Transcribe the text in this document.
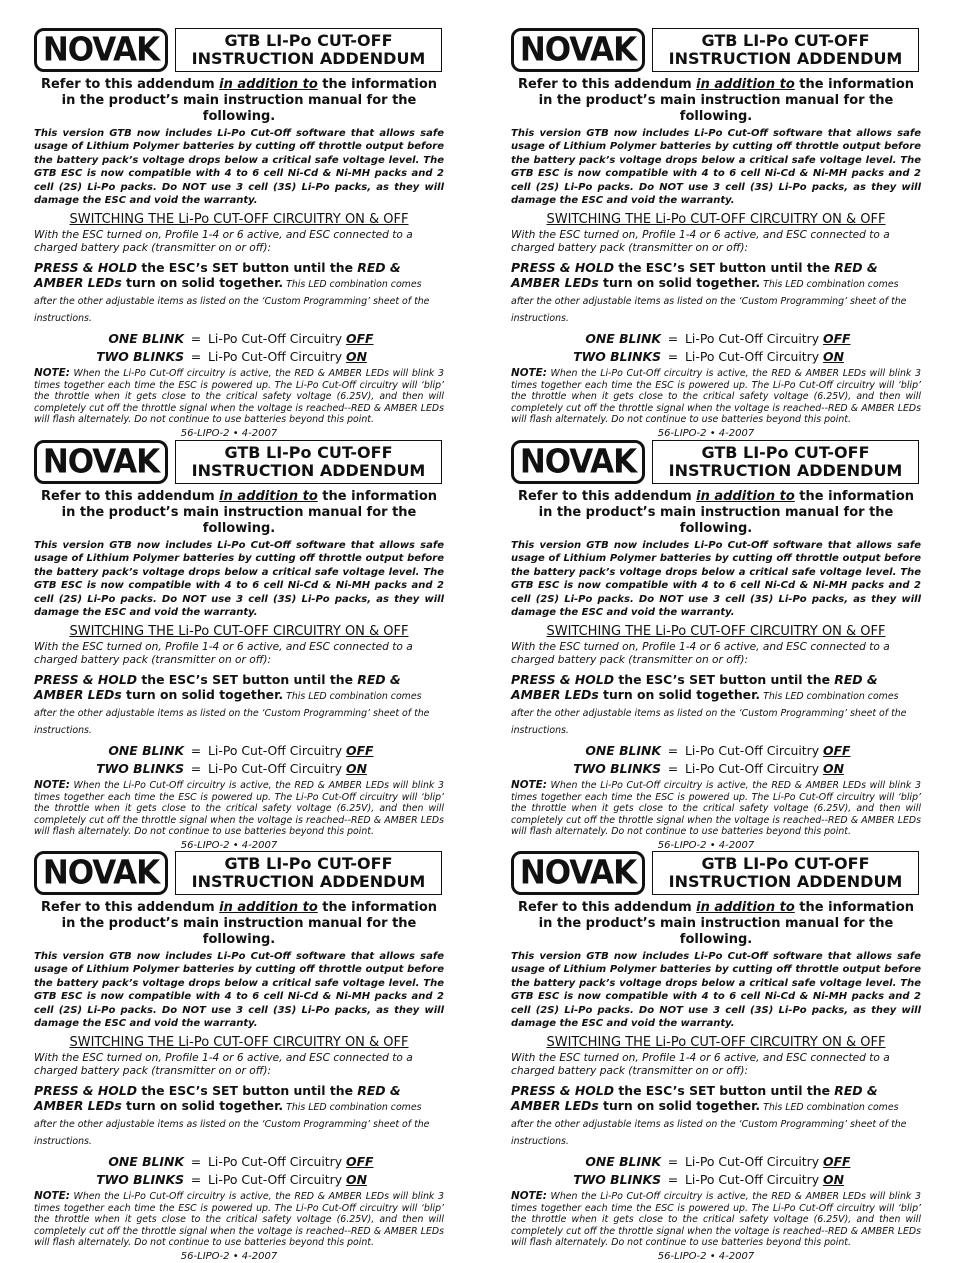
NOVAK	GTB LI-Po CUT-OFF
INSTRUCTION ADDENDUM
Refer to this addendum in addition to the information in the product’s main instruction manual for the following.
This version GTB now includes Li-Po Cut-Off software that allows safe usage of Lithium Polymer batteries by cutting off throttle output before the battery pack’s voltage drops below a critical safe voltage level. The GTB ESC is now compatible with 4 to 6 cell Ni-Cd & Ni-MH packs and 2 cell (2S) Li-Po packs. Do NOT use 3 cell (3S) Li-Po packs, as they will damage the ESC and void the warranty.
SWITCHING THE Li-Po CUT-OFF CIRCUITRY ON & OFF
With the ESC turned on, Profile 1-4 or 6 active, and ESC connected to a charged battery pack (transmitter on or off):
PRESS & HOLD the ESC’s SET button until the RED & AMBER LEDs turn on solid together. This LED combination comes after the other adjustable items as listed on the ‘Custom Programming’ sheet of the instructions.
ONE BLINK = Li-Po Cut-Off Circuitry OFF
TWO BLINKS = Li-Po Cut-Off Circuitry ON
NOTE: When the Li-Po Cut-Off circuitry is active, the RED & AMBER LEDs will blink 3 times together each time the ESC is powered up. The Li-Po Cut-Off circuitry will ‘blip’ the throttle when it gets close to the critical safety voltage (6.25V), and then will completely cut off the throttle signal when the voltage is reached--RED & AMBER LEDs will flash alternately. Do not continue to use batteries beyond this point.
56-LIPO-2 • 4-2007
NOVAK	GTB LI-Po CUT-OFF
INSTRUCTION ADDENDUM
Refer to this addendum in addition to the information in the product’s main instruction manual for the following.
This version GTB now includes Li-Po Cut-Off software that allows safe usage of Lithium Polymer batteries by cutting off throttle output before the battery pack’s voltage drops below a critical safe voltage level. The GTB ESC is now compatible with 4 to 6 cell Ni-Cd & Ni-MH packs and 2 cell (2S) Li-Po packs. Do NOT use 3 cell (3S) Li-Po packs, as they will damage the ESC and void the warranty.
SWITCHING THE Li-Po CUT-OFF CIRCUITRY ON & OFF
With the ESC turned on, Profile 1-4 or 6 active, and ESC connected to a charged battery pack (transmitter on or off):
PRESS & HOLD the ESC’s SET button until the RED & AMBER LEDs turn on solid together. This LED combination comes after the other adjustable items as listed on the ‘Custom Programming’ sheet of the instructions.
ONE BLINK = Li-Po Cut-Off Circuitry OFF
TWO BLINKS = Li-Po Cut-Off Circuitry ON
NOTE: When the Li-Po Cut-Off circuitry is active, the RED & AMBER LEDs will blink 3 times together each time the ESC is powered up. The Li-Po Cut-Off circuitry will ‘blip’ the throttle when it gets close to the critical safety voltage (6.25V), and then will completely cut off the throttle signal when the voltage is reached--RED & AMBER LEDs will flash alternately. Do not continue to use batteries beyond this point.
56-LIPO-2 • 4-2007
NOVAK	GTB LI-Po CUT-OFF
INSTRUCTION ADDENDUM
Refer to this addendum in addition to the information in the product’s main instruction manual for the following.
This version GTB now includes Li-Po Cut-Off software that allows safe usage of Lithium Polymer batteries by cutting off throttle output before the battery pack’s voltage drops below a critical safe voltage level. The GTB ESC is now compatible with 4 to 6 cell Ni-Cd & Ni-MH packs and 2 cell (2S) Li-Po packs. Do NOT use 3 cell (3S) Li-Po packs, as they will damage the ESC and void the warranty.
SWITCHING THE Li-Po CUT-OFF CIRCUITRY ON & OFF
With the ESC turned on, Profile 1-4 or 6 active, and ESC connected to a charged battery pack (transmitter on or off):
PRESS & HOLD the ESC’s SET button until the RED & AMBER LEDs turn on solid together. This LED combination comes after the other adjustable items as listed on the ‘Custom Programming’ sheet of the instructions.
ONE BLINK = Li-Po Cut-Off Circuitry OFF
TWO BLINKS = Li-Po Cut-Off Circuitry ON
NOTE: When the Li-Po Cut-Off circuitry is active, the RED & AMBER LEDs will blink 3 times together each time the ESC is powered up. The Li-Po Cut-Off circuitry will ‘blip’ the throttle when it gets close to the critical safety voltage (6.25V), and then will completely cut off the throttle signal when the voltage is reached--RED & AMBER LEDs will flash alternately. Do not continue to use batteries beyond this point.
56-LIPO-2 • 4-2007
NOVAK	GTB LI-Po CUT-OFF
INSTRUCTION ADDENDUM
Refer to this addendum in addition to the information in the product’s main instruction manual for the following.
This version GTB now includes Li-Po Cut-Off software that allows safe usage of Lithium Polymer batteries by cutting off throttle output before the battery pack’s voltage drops below a critical safe voltage level. The GTB ESC is now compatible with 4 to 6 cell Ni-Cd & Ni-MH packs and 2 cell (2S) Li-Po packs. Do NOT use 3 cell (3S) Li-Po packs, as they will damage the ESC and void the warranty.
SWITCHING THE Li-Po CUT-OFF CIRCUITRY ON & OFF
With the ESC turned on, Profile 1-4 or 6 active, and ESC connected to a charged battery pack (transmitter on or off):
PRESS & HOLD the ESC’s SET button until the RED & AMBER LEDs turn on solid together. This LED combination comes after the other adjustable items as listed on the ‘Custom Programming’ sheet of the instructions.
ONE BLINK = Li-Po Cut-Off Circuitry OFF
TWO BLINKS = Li-Po Cut-Off Circuitry ON
NOTE: When the Li-Po Cut-Off circuitry is active, the RED & AMBER LEDs will blink 3 times together each time the ESC is powered up. The Li-Po Cut-Off circuitry will ‘blip’ the throttle when it gets close to the critical safety voltage (6.25V), and then will completely cut off the throttle signal when the voltage is reached--RED & AMBER LEDs will flash alternately. Do not continue to use batteries beyond this point.
56-LIPO-2 • 4-2007
NOVAK	GTB LI-Po CUT-OFF
INSTRUCTION ADDENDUM
Refer to this addendum in addition to the information in the product’s main instruction manual for the following.
This version GTB now includes Li-Po Cut-Off software that allows safe usage of Lithium Polymer batteries by cutting off throttle output before the battery pack’s voltage drops below a critical safe voltage level. The GTB ESC is now compatible with 4 to 6 cell Ni-Cd & Ni-MH packs and 2 cell (2S) Li-Po packs. Do NOT use 3 cell (3S) Li-Po packs, as they will damage the ESC and void the warranty.
SWITCHING THE Li-Po CUT-OFF CIRCUITRY ON & OFF
With the ESC turned on, Profile 1-4 or 6 active, and ESC connected to a charged battery pack (transmitter on or off):
PRESS & HOLD the ESC’s SET button until the RED & AMBER LEDs turn on solid together. This LED combination comes after the other adjustable items as listed on the ‘Custom Programming’ sheet of the instructions.
ONE BLINK = Li-Po Cut-Off Circuitry OFF
TWO BLINKS = Li-Po Cut-Off Circuitry ON
NOTE: When the Li-Po Cut-Off circuitry is active, the RED & AMBER LEDs will blink 3 times together each time the ESC is powered up. The Li-Po Cut-Off circuitry will ‘blip’ the throttle when it gets close to the critical safety voltage (6.25V), and then will completely cut off the throttle signal when the voltage is reached--RED & AMBER LEDs will flash alternately. Do not continue to use batteries beyond this point.
56-LIPO-2 • 4-2007
NOVAK	GTB LI-Po CUT-OFF
INSTRUCTION ADDENDUM
Refer to this addendum in addition to the information in the product’s main instruction manual for the following.
This version GTB now includes Li-Po Cut-Off software that allows safe usage of Lithium Polymer batteries by cutting off throttle output before the battery pack’s voltage drops below a critical safe voltage level. The GTB ESC is now compatible with 4 to 6 cell Ni-Cd & Ni-MH packs and 2 cell (2S) Li-Po packs. Do NOT use 3 cell (3S) Li-Po packs, as they will damage the ESC and void the warranty.
SWITCHING THE Li-Po CUT-OFF CIRCUITRY ON & OFF
With the ESC turned on, Profile 1-4 or 6 active, and ESC connected to a charged battery pack (transmitter on or off):
PRESS & HOLD the ESC’s SET button until the RED & AMBER LEDs turn on solid together. This LED combination comes after the other adjustable items as listed on the ‘Custom Programming’ sheet of the instructions.
ONE BLINK = Li-Po Cut-Off Circuitry OFF
TWO BLINKS = Li-Po Cut-Off Circuitry ON
NOTE: When the Li-Po Cut-Off circuitry is active, the RED & AMBER LEDs will blink 3 times together each time the ESC is powered up. The Li-Po Cut-Off circuitry will ‘blip’ the throttle when it gets close to the critical safety voltage (6.25V), and then will completely cut off the throttle signal when the voltage is reached--RED & AMBER LEDs will flash alternately. Do not continue to use batteries beyond this point.
56-LIPO-2 • 4-2007
